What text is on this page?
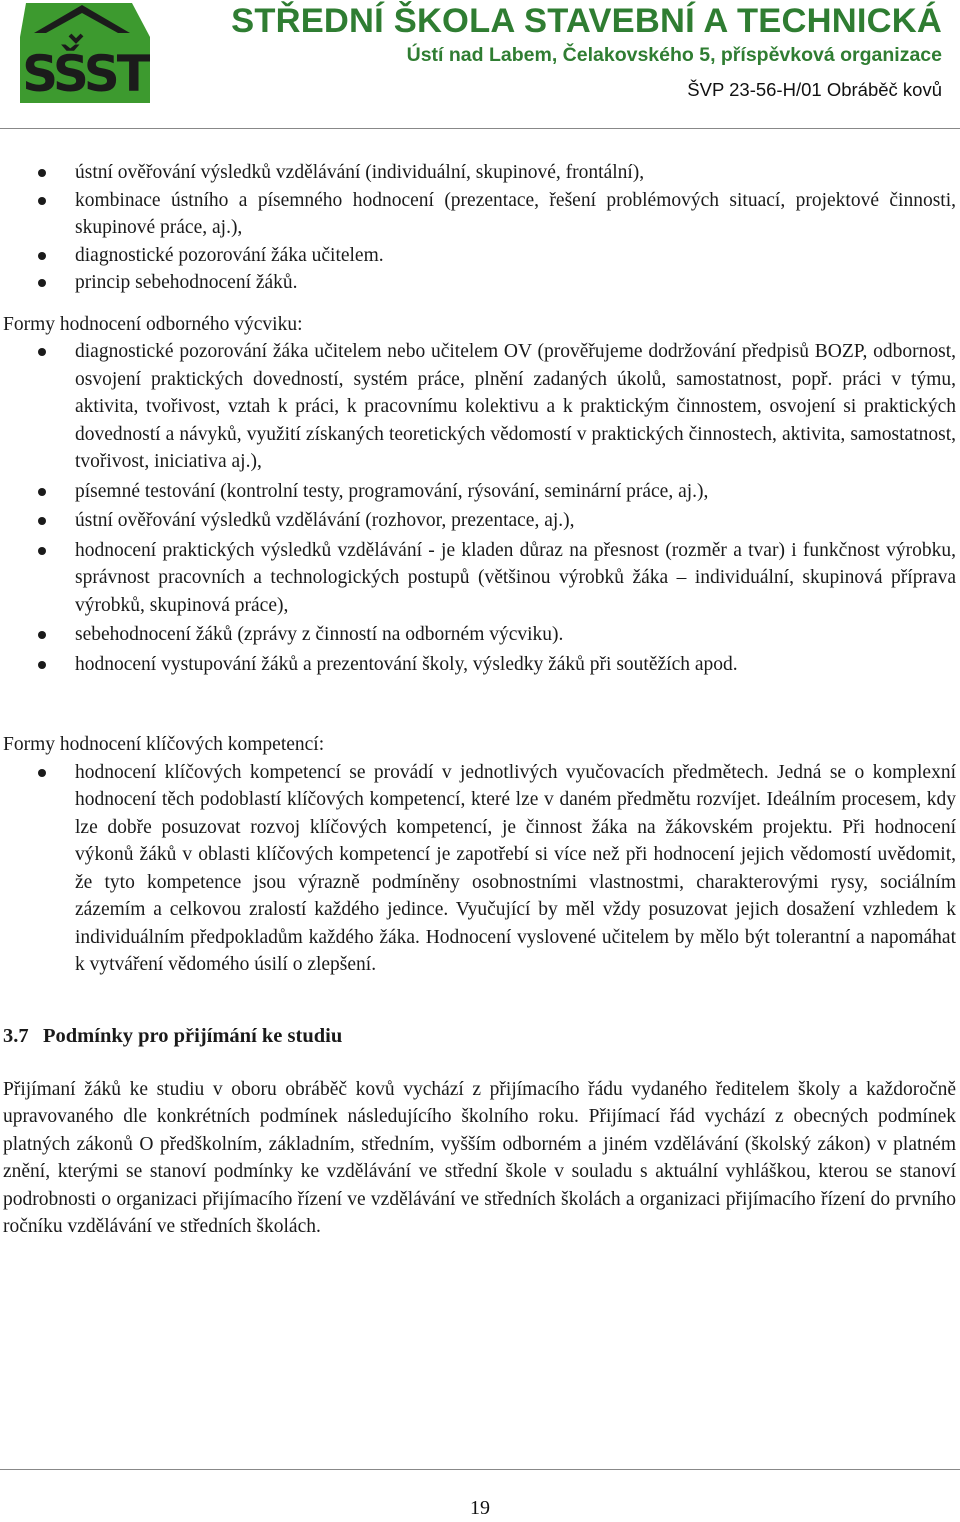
SŠST
STŘEDNÍ ŠKOLA STAVEBNÍ A TECHNICKÁ
Ústí nad Labem, Čelakovského 5, příspěvková organizace
ŠVP 23-56-H/01 Obráběč kovů
ústní ověřování výsledků vzdělávání (individuální, skupinové, frontální),
kombinace ústního a písemného hodnocení (prezentace, řešení problémových situací, projektové činnosti, skupinové práce, aj.),
diagnostické pozorování žáka učitelem.
princip sebehodnocení žáků.

Formy hodnocení odborného výcviku:

diagnostické pozorování žáka učitelem nebo učitelem OV (prověřujeme dodržování předpisů BOZP, odbornost, osvojení praktických dovedností, systém práce, plnění zadaných úkolů, samostatnost, popř. práci v týmu, aktivita, tvořivost, vztah k práci, k pracovnímu kolektivu a k praktickým činnostem, osvojení si praktických dovedností a návyků, využití získaných teoretických vědomostí v praktických činnostech, aktivita, samostatnost, tvořivost, iniciativa aj.),
písemné testování (kontrolní testy, programování, rýsování, seminární práce, aj.),
ústní ověřování výsledků vzdělávání (rozhovor, prezentace, aj.),
hodnocení praktických výsledků vzdělávání - je kladen důraz na přesnost (rozměr a tvar) i funkčnost výrobku, správnost pracovních a technologických postupů (většinou výrobků žáka – individuální, skupinová příprava výrobků, skupinová práce),
sebehodnocení žáků (zprávy z činností na odborném výcviku).
hodnocení vystupování žáků a prezentování školy, výsledky žáků při soutěžích apod.

Formy hodnocení klíčových kompetencí:

hodnocení klíčových kompetencí se provádí v jednotlivých vyučovacích předmětech. Jedná se o komplexní hodnocení těch podoblastí klíčových kompetencí, které lze v daném předmětu rozvíjet. Ideálním procesem, kdy lze dobře posuzovat rozvoj klíčových kompetencí, je činnost žáka na žákovském projektu. Při hodnocení výkonů žáků v oblasti klíčových kompetencí je zapotřebí si více než při hodnocení jejich vědomostí uvědomit, že tyto kompetence jsou výrazně podmíněny osobnostními vlastnostmi, charakterovými rysy, sociálním zázemím a celkovou zralostí každého jedince. Vyučující by měl vždy posuzovat jejich dosažení vzhledem k individuálním předpokladům každého žáka. Hodnocení vyslovené učitelem by mělo být tolerantní a napomáhat k vytváření vědomého úsilí o zlepšení.
3.7 Podmínky pro přijímání ke studiu

Přijímaní žáků ke studiu v oboru obráběč kovů vychází z přijímacího řádu vydaného ředitelem školy a každoročně upravovaného dle konkrétních podmínek následujícího školního roku. Přijímací řád vychází z obecných podmínek platných zákonů O předškolním, základním, středním, vyšším odborném a jiném vzdělávání (školský zákon) v platném znění, kterými se stanoví podmínky ke vzdělávání ve střední škole v souladu s aktuální vyhláškou, kterou se stanoví podrobnosti o organizaci přijímacího řízení ve vzdělávání ve středních školách a organizaci přijímacího řízení do prvního ročníku vzdělávání ve středních školách.

19
